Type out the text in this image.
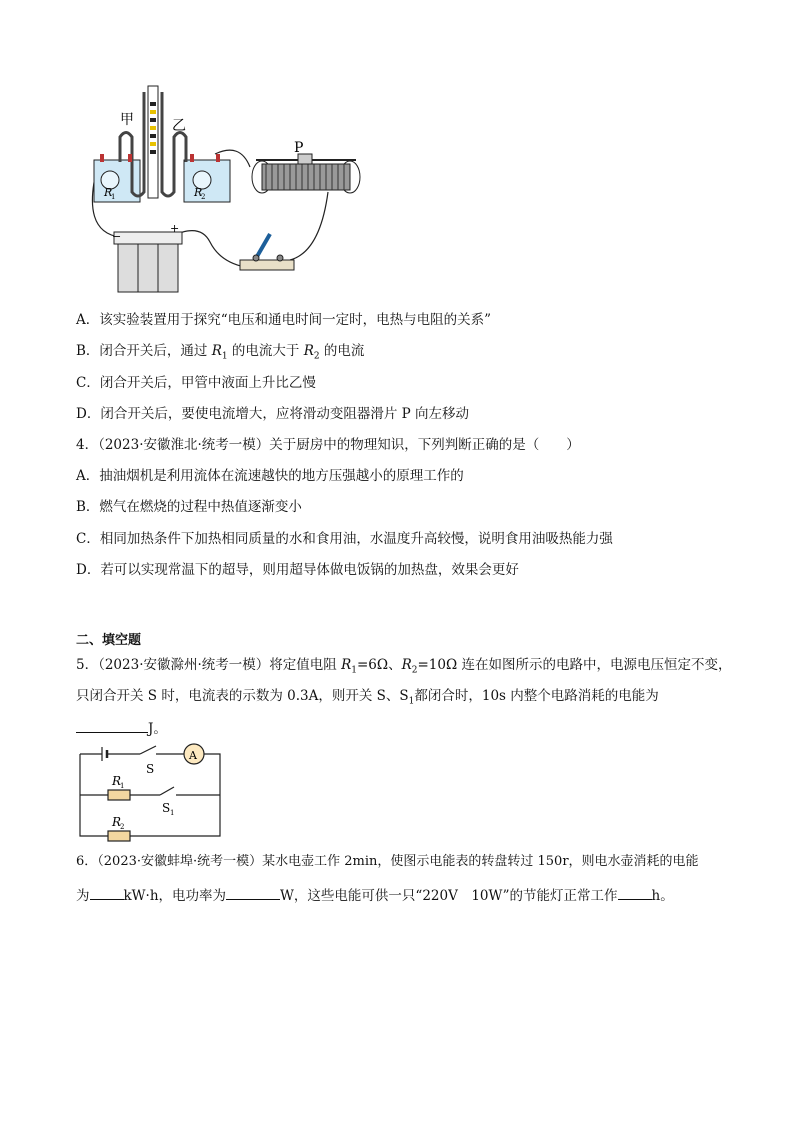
R
1	R
2
甲	乙
P
−
+
A．该实验装置用于探究“电压和通电时间一定时，电热与电阻的关系”
B．闭合开关后，通过 $R_1$ 的电流大于 $R_2$ 的电流
C．闭合开关后，甲管中液面上升比乙慢
D．闭合开关后，要使电流增大，应将滑动变阻器滑片 P 向左移动
4．（2023·安徽淮北·统考一模）关于厨房中的物理知识，下列判断正确的是（　　）
A．抽油烟机是利用流体在流速越快的地方压强越小的原理工作的
B．燃气在燃烧的过程中热值逐渐变小
C．相同加热条件下加热相同质量的水和食用油，水温度升高较慢，说明食用油吸热能力强
D．若可以实现常温下的超导，则用超导体做电饭锅的加热盘，效果会更好
二、填空题
5．（2023·安徽滁州·统考一模）将定值电阻 $R_1=6\Omega$、$R_2=10\Omega$ 连在如图所示的电路中，电源电压恒定不变，
只闭合开关 S 时，电流表的示数为 0.3A，则开关 S、$S_1$都闭合时，10s 内整个电路消耗的电能为
J。
S
A
R
1
S 1
R
2
6．（2023·安徽蚌埠·统考一模）某水电壶工作 2min，使图示电能表的转盘转过 150r，则电水壶消耗的电能
为	kW·h，电功率为	W，这些电能可供一只“220V　10W”的节能灯正常工作	h。
